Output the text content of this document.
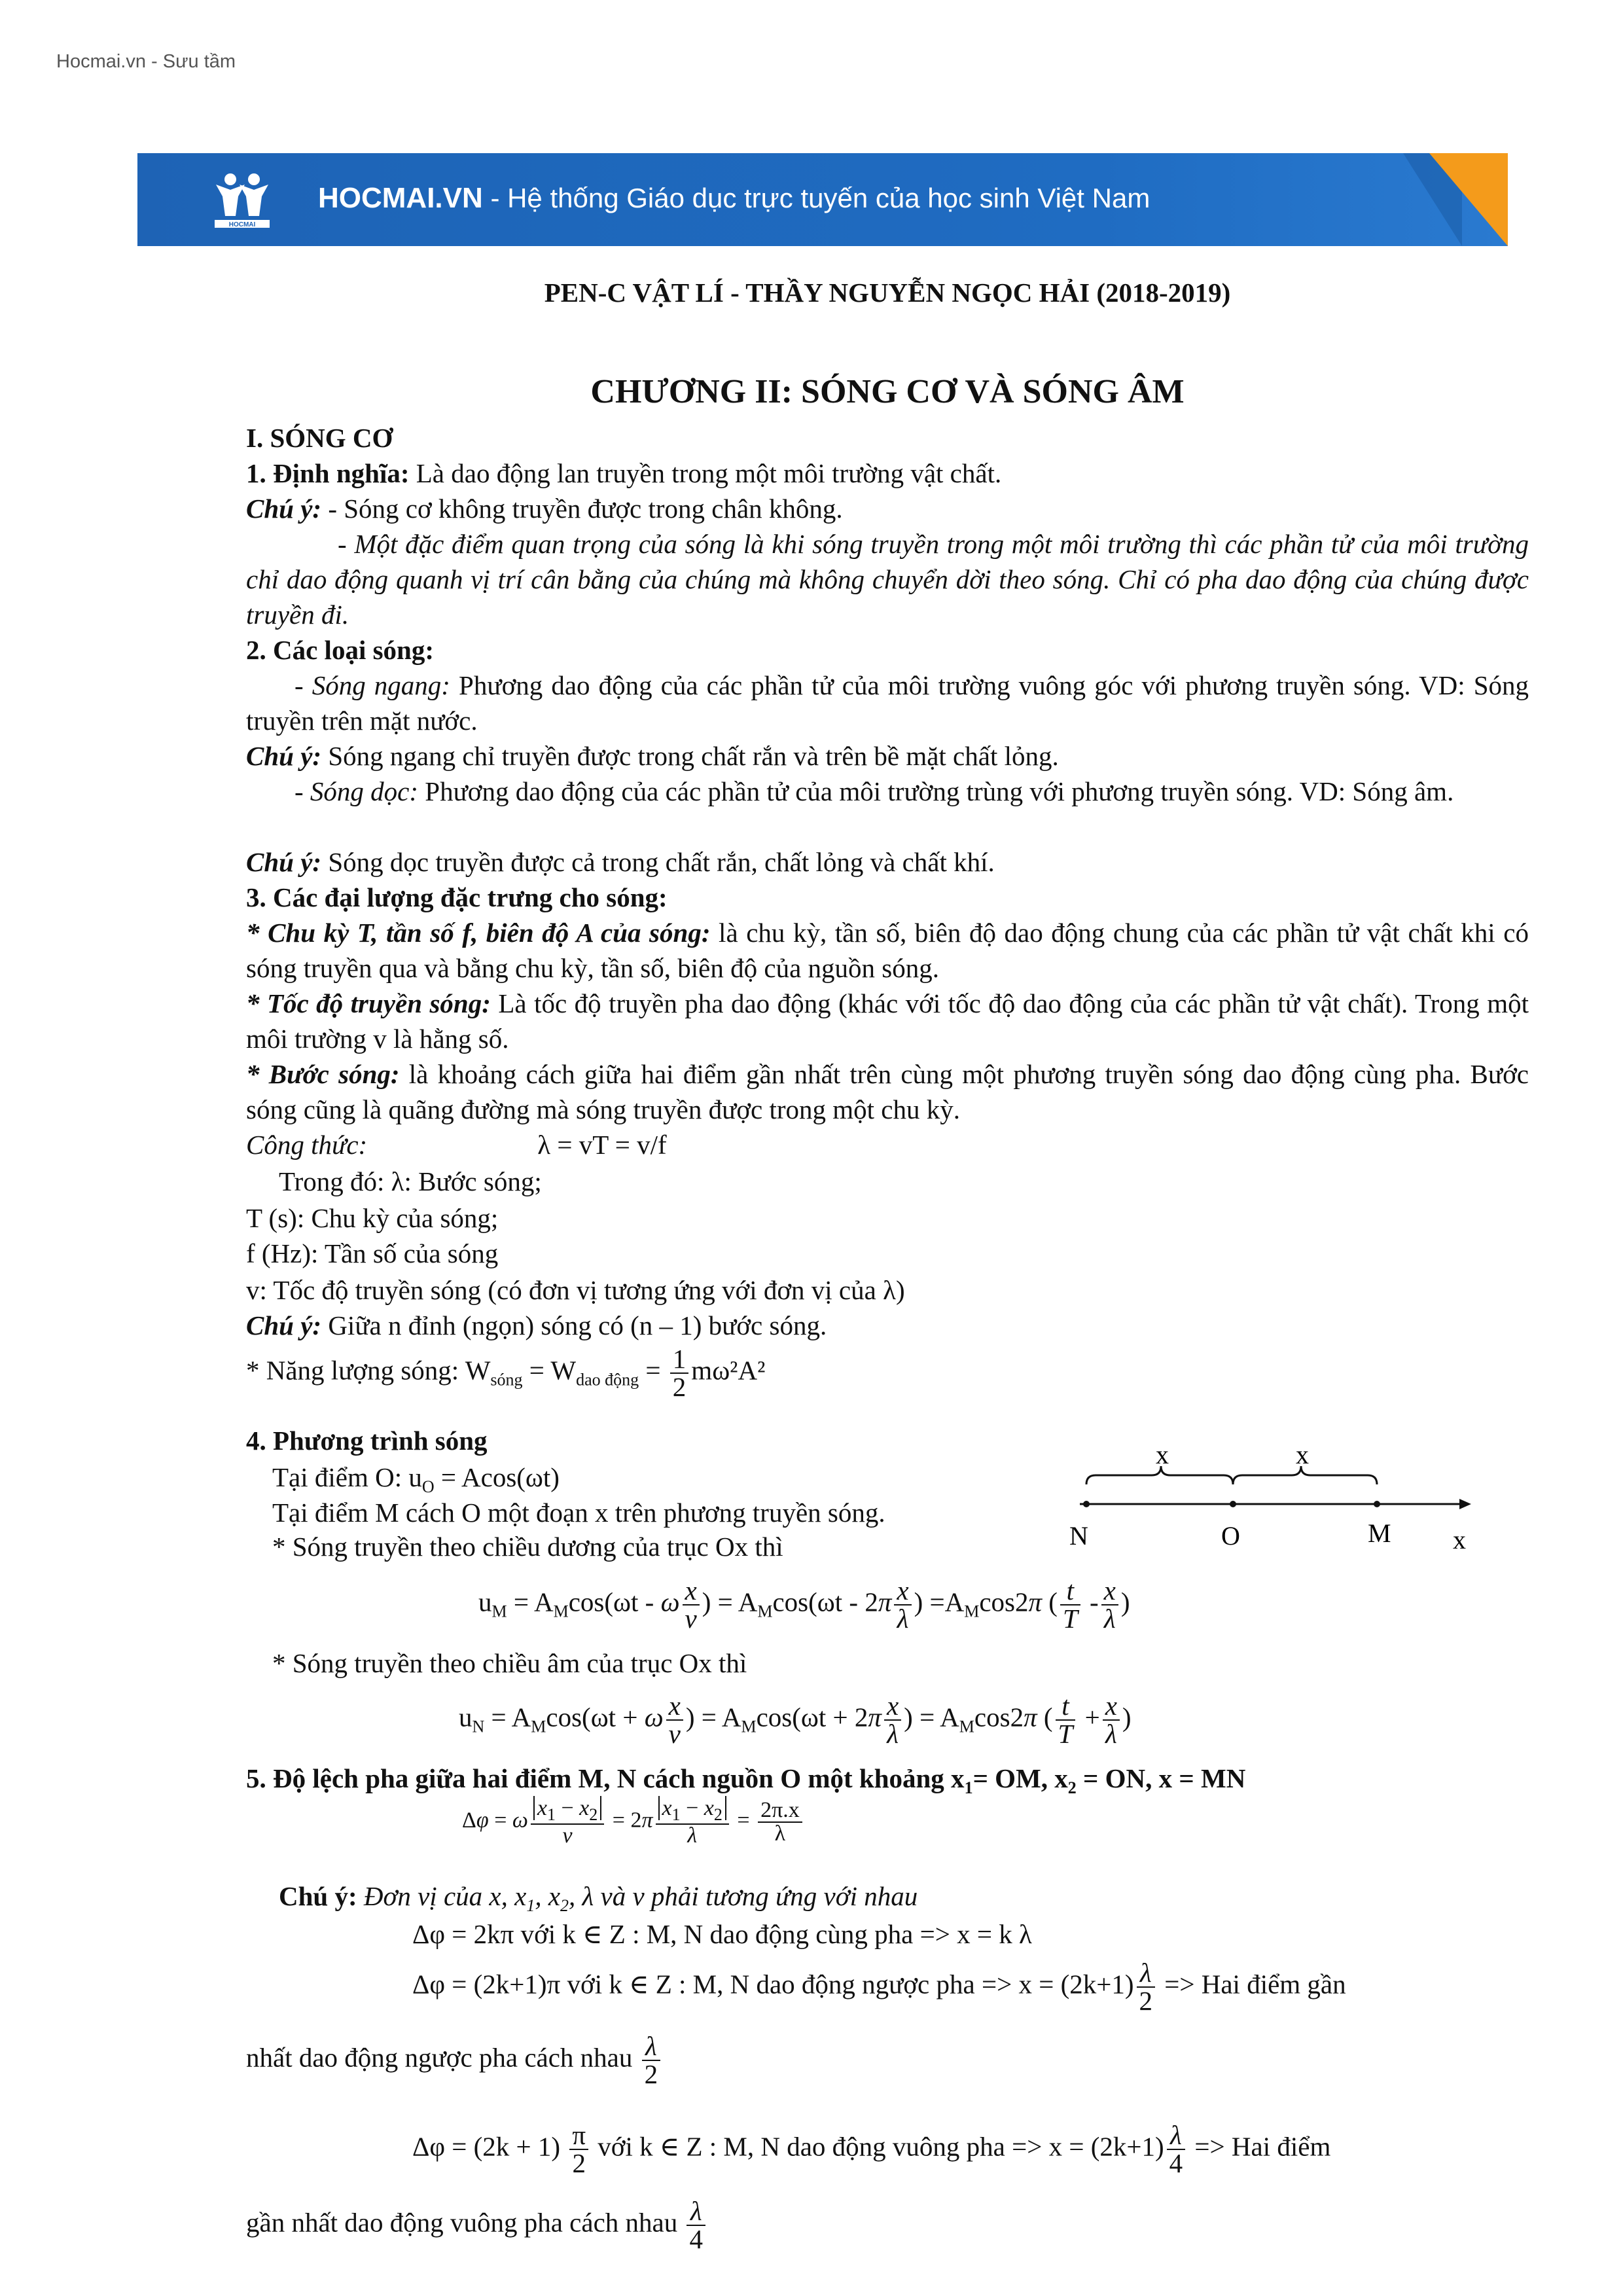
Hocmai.vn - Sưu tầm
HOCMAI
HOCMAI.VN - Hệ thống Giáo dục trực tuyến của học sinh Việt Nam
PEN-C VẬT LÍ - THẦY NGUYỄN NGỌC HẢI (2018-2019)
CHƯƠNG II: SÓNG CƠ VÀ SÓNG ÂM
I. SÓNG CƠ
1. Định nghĩa: Là dao động lan truyền trong một môi trường vật chất.
Chú ý: - Sóng cơ không truyền được trong chân không.
- Một đặc điểm quan trọng của sóng là khi sóng truyền trong một môi trường thì các phần tử của môi trường chỉ dao động quanh vị trí cân bằng của chúng mà không chuyển dời theo sóng. Chỉ có pha dao động của chúng được truyền đi.
2. Các loại sóng:
- Sóng ngang: Phương dao động của các phần tử của môi trường vuông góc với phương truyền sóng. VD: Sóng truyền trên mặt nước.
Chú ý: Sóng ngang chỉ truyền được trong chất rắn và trên bề mặt chất lỏng.
- Sóng dọc: Phương dao động của các phần tử của môi trường trùng với phương truyền sóng. VD: Sóng âm.
Chú ý: Sóng dọc truyền được cả trong chất rắn, chất lỏng và chất khí.
3. Các đại lượng đặc trưng cho sóng:
* Chu kỳ T, tần số f, biên độ A của sóng: là chu kỳ, tần số, biên độ dao động chung của các phần tử vật chất khi có sóng truyền qua và bằng chu kỳ, tần số, biên độ của nguồn sóng.
* Tốc độ truyền sóng: Là tốc độ truyền pha dao động (khác với tốc độ dao động của các phần tử vật chất). Trong một môi trường v là hằng số.
* Bước sóng: là khoảng cách giữa hai điểm gần nhất trên cùng một phương truyền sóng dao động cùng pha. Bước sóng cũng là quãng đường mà sóng truyền được trong một chu kỳ.
Công thức:	λ = vT = v/f
Trong đó: λ: Bước sóng;
T (s): Chu kỳ của sóng;
f (Hz): Tần số của sóng
v: Tốc độ truyền sóng (có đơn vị tương ứng với đơn vị của λ)
Chú ý: Giữa n đỉnh (ngọn) sóng có (n – 1) bước sóng.
* Năng lượng sóng: $W_{sóng} = W_{dao động} = \frac{1}{2} m\omega^2A^2$
4. Phương trình sóng
Tại điểm O: $u_O = Acos(\omega t)$
Tại điểm M cách O một đoạn x trên phương truyền sóng.
* Sóng truyền theo chiều dương của trục Ox thì
$u_M = A_M\cos(\omega t - \omega \frac{x}{v}$ ) = $A_M\cos(\omega t - 2\pi \frac{x}{\lambda}$ ) $=A_M\cos 2\pi$ ( $\frac{t}{T} - \frac{x}{\lambda}$ )
* Sóng truyền theo chiều âm của trục Ox thì
$u_N = A_M\cos(\omega t + \omega \frac{x}{v}$ ) = $A_M\cos(\omega t + 2\pi \frac{x}{\lambda}$ ) = $A_M\cos 2\pi$ ( $\frac{t}{T} + \frac{x}{\lambda}$ )
5. Độ lệch pha giữa hai điểm M, N cách nguồn O một khoảng $x_1=$ OM, $x_2$ = ON, x = MN
Δφ = ω $\frac{x_1 - x_2}{v} = 2\pi \frac{x_1 - x_2}{\lambda} = \frac{2\pi.x}{\lambda}$
Chú ý: Đơn vị của x, $x_1$, $x_2$, λ và v phải tương ứng với nhau
Δφ = 2kπ với k ∈ Z : M, N dao động cùng pha => x = k λ
Δφ = (2k+1)π với k ∈ Z : M, N dao động ngược pha => $x = (2k+1) \frac{\lambda}{2}$ => Hai điểm gần
nhất dao động ngược pha cách nhau $\frac{\lambda}{2}$
$\Delta\varphi = (2k + 1) \frac{\pi}{2}$ với k ∈ Z : M, N dao động vuông pha => $x = (2k+1) \frac{\lambda}{4}$ => Hai điểm
gần nhất dao động vuông pha cách nhau $\frac{\lambda}{4}$
x	x
N	O	M x
